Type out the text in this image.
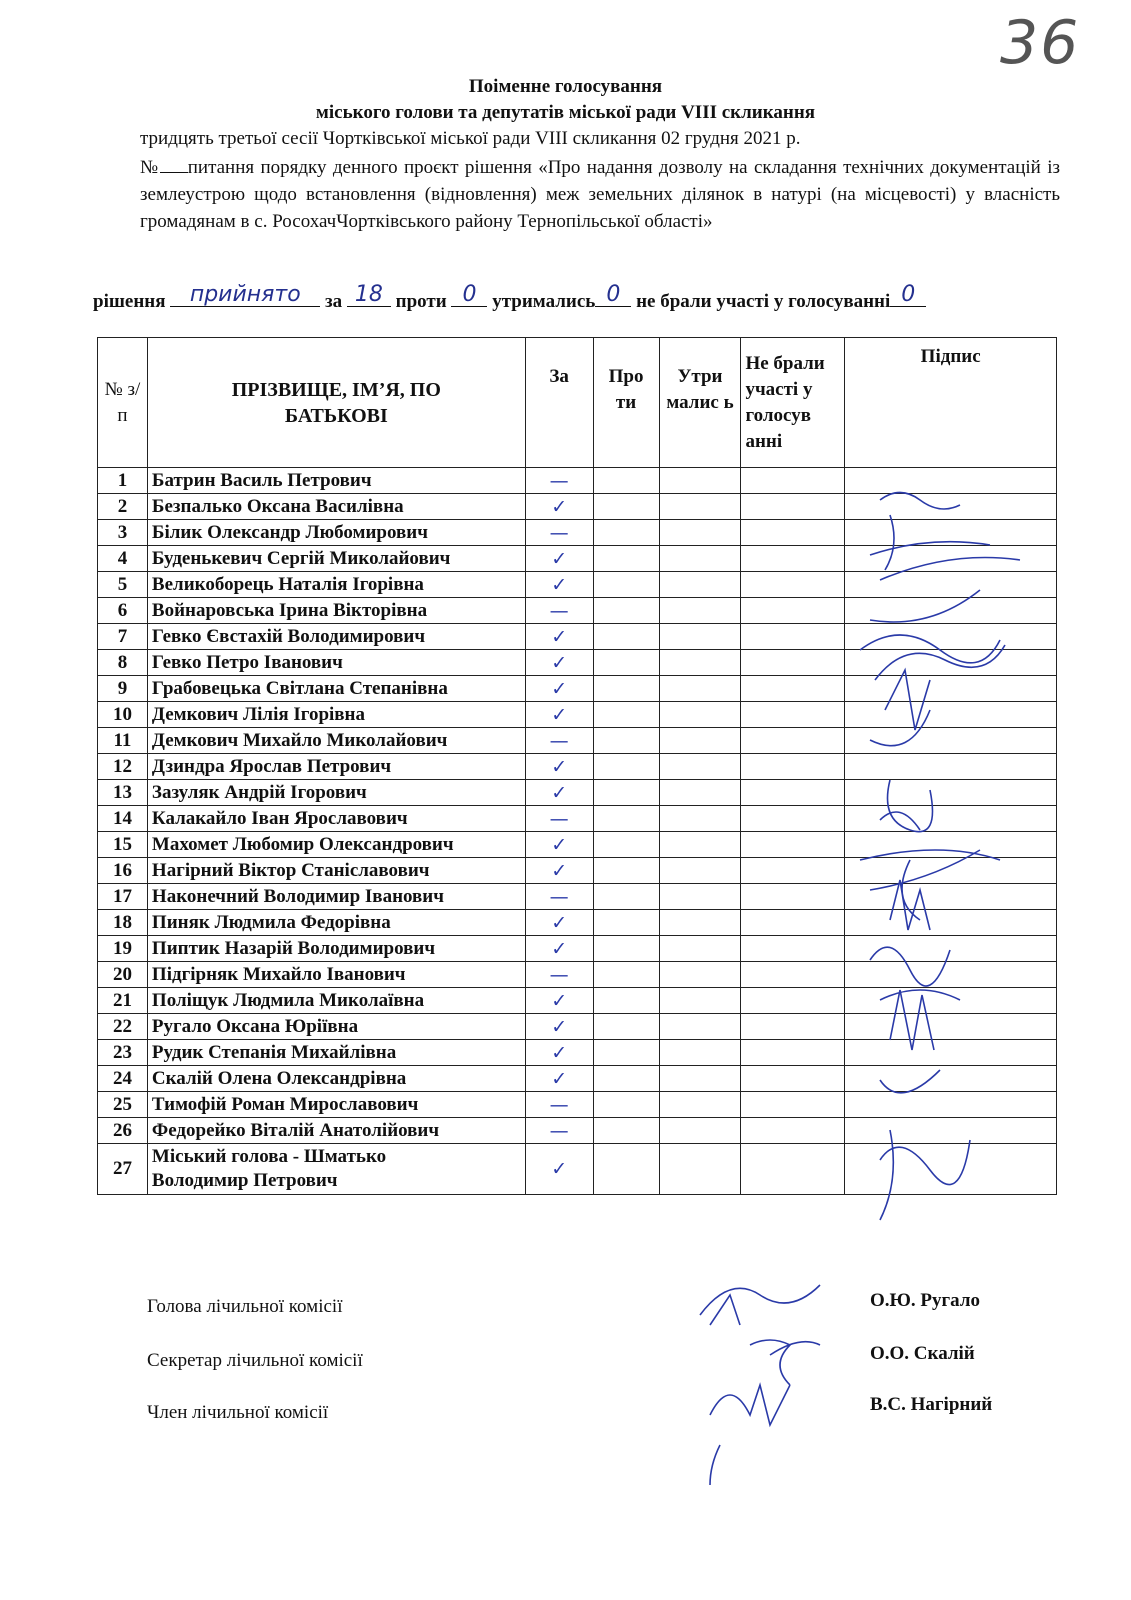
36
Поіменне голосування
міського голови та депутатів міської ради VIII скликання
тридцять третьої сесії Чортківської міської ради VIII скликання 02 грудня 2021 р.
№ питання порядку денного проєкт рішення «Про надання дозволу на складання технічних документацій із землеустрою щодо встановлення (відновлення) меж земельних ділянок в натурі (на місцевості) у власність громадянам в с. РосохачЧортківського району Тернопільської області»
рішення прийнято за 18 проти 0 утримались 0 не брали участі у голосуванні 0
№ з/п	ПРІЗВИЩЕ, ІМ’Я, ПО БАТЬКОВІ	За	Про ти	Утри малис ь	Не брали участі у голосув анні	Підпис
1	Батрин Василь Петрович	—				
2	Безпалько Оксана Василівна	✓				
3	Білик Олександр Любомирович	—				
4	Буденькевич Сергій Миколайович	✓				
5	Великоборець Наталія Ігорівна	✓				
6	Войнаровська Ірина Вікторівна	—				
7	Гевко Євстахій Володимирович	✓				
8	Гевко Петро Іванович	✓				
9	Грабовецька Світлана Степанівна	✓				
10	Демкович Лілія Ігорівна	✓				
11	Демкович Михайло Миколайович	—				
12	Дзиндра Ярослав Петрович	✓				
13	Зазуляк Андрій Ігорович	✓				
14	Калакайло Іван Ярославович	—				
15	Махомет Любомир Олександрович	✓				
16	Нагірний Віктор Станіславович	✓				
17	Наконечний Володимир Іванович	—				
18	Пиняк Людмила Федорівна	✓				
19	Пиптик Назарій Володимирович	✓				
20	Підгірняк Михайло Іванович	—				
21	Поліщук Людмила Миколаївна	✓				
22	Ругало Оксана Юріївна	✓				
23	Рудик Степанія Михайлівна	✓				
24	Скалій Олена Олександрівна	✓				
25	Тимофій Роман Мирославович	—				
26	Федорейко Віталій Анатолійович	—				
27	Міський голова - Шматько
Володимир Петрович	✓				
Голова лічильної комісії	О.Ю. Ругало
Секретар лічильної комісії	О.О. Скалій
Член лічильної комісії	В.С. Нагірний
